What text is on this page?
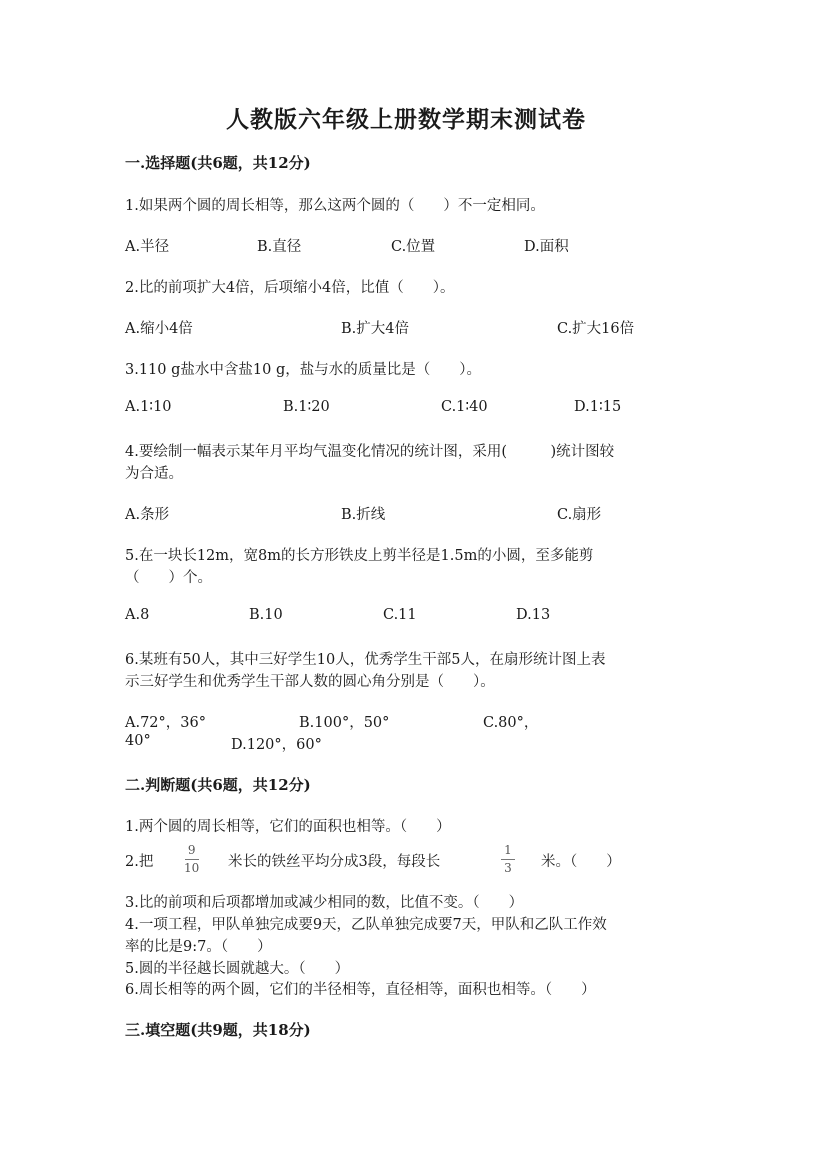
人教版六年级上册数学期末测试卷
一.选择题(共6题，共12分)
1.如果两个圆的周长相等，那么这两个圆的（　　）不一定相同。
A.半径	B.直径	C.位置	D.面积
2.比的前项扩大4倍，后项缩小4倍，比值（　　）。
A.缩小4倍	B.扩大4倍	C.扩大16倍
3.110 g盐水中含盐10 g，盐与水的质量比是（　　）。
A.1∶10	B.1∶20	C.1∶40	D.1∶15
4.要绘制一幅表示某年月平均气温变化情况的统计图，采用(　　　)统计图较
为合适。
A.条形	B.折线	C.扇形
5.在一块长12m，宽8m的长方形铁皮上剪半径是1.5m的小圆，至多能剪
（　　）个。
A.8	B.10	C.11	D.13
6.某班有50人，其中三好学生10人，优秀学生干部5人，在扇形统计图上表
示三好学生和优秀学生干部人数的圆心角分别是（　　）。
A.72°，36°	B.100°，50°	C.80°，
40°	D.120°，60°
二.判断题(共6题，共12分)
1.两个圆的周长相等，它们的面积也相等。（　　）
2.把
9
10 米长的铁丝平均分成3段，每段长
1
3 米。（　　）
3.比的前项和后项都增加或减少相同的数，比值不变。（　　）
4.一项工程，甲队单独完成要9天，乙队单独完成要7天，甲队和乙队工作效
率的比是9:7。（　　）
5.圆的半径越长圆就越大。（　　）
6.周长相等的两个圆，它们的半径相等，直径相等，面积也相等。（　　）
三.填空题(共9题，共18分)
